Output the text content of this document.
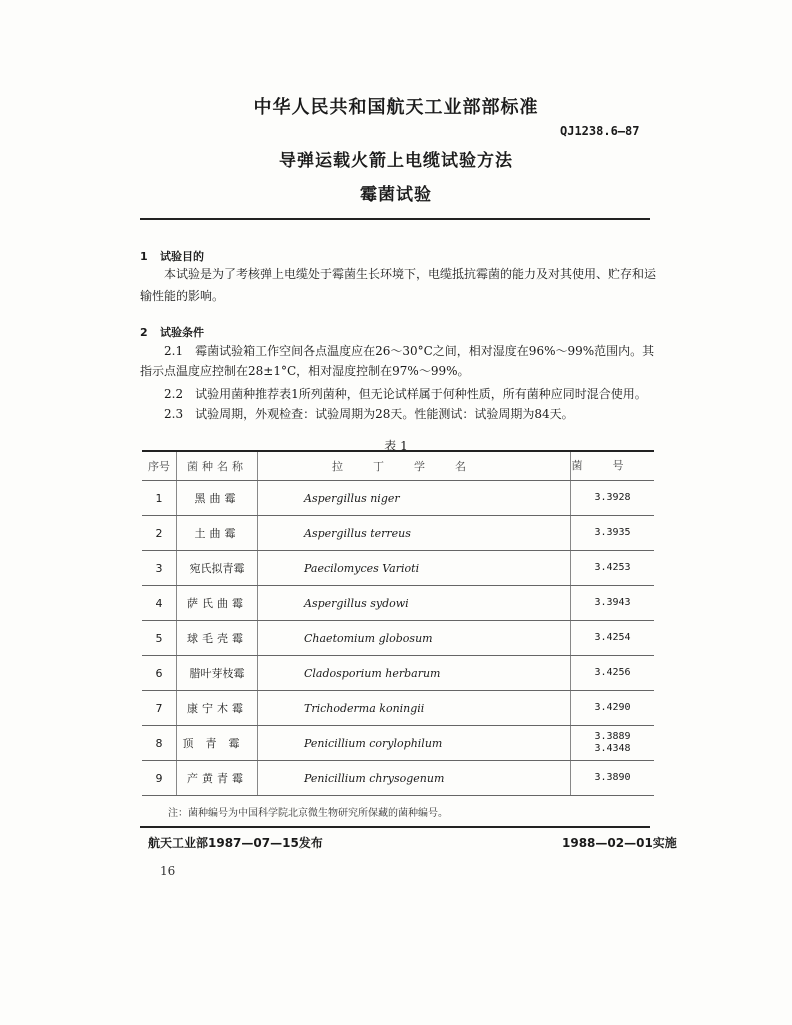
中华人民共和国航天工业部部标准
QJ1238.6—87
导弹运载火箭上电缆试验方法
霉菌试验
1 试验目的
本试验是为了考核弹上电缆处于霉菌生长环境下，电缆抵抗霉菌的能力及对其使用、贮存和运输性能的影响。
2 试验条件
2.1　霉菌试验箱工作空间各点温度应在26～30°C之间，相对湿度在96%～99%范围内。其指示点温度应控制在28±1°C，相对湿度控制在97%～99%。
2.2　试验用菌种推荐表1所列菌种，但无论试样属于何种性质，所有菌种应同时混合使用。
2.3　试验周期，外观检查：试验周期为28天。性能测试：试验周期为84天。
表 1
序号	菌种名称	拉丁学名	菌号
1	黑曲霉	Aspergillus niger	3.3928
2	土曲霉	Aspergillus terreus	3.3935
3	宛氏拟青霉	Paecilomyces Varioti	3.4253
4	萨氏曲霉	Aspergillus sydowi	3.3943
5	球毛壳霉	Chaetomium globosum	3.4254
6	腊叶芽枝霉	Cladosporium herbarum	3.4256
7	康宁木霉	Trichoderma koningii	3.4290
8	顶青霉	Penicillium corylophilum	3.3889
3.4348

9	产黄青霉	Penicillium chrysogenum	3.3890
注：菌种编号为中国科学院北京微生物研究所保藏的菌种编号。
航天工业部1987—07—15发布	1988—02—01实施
16
